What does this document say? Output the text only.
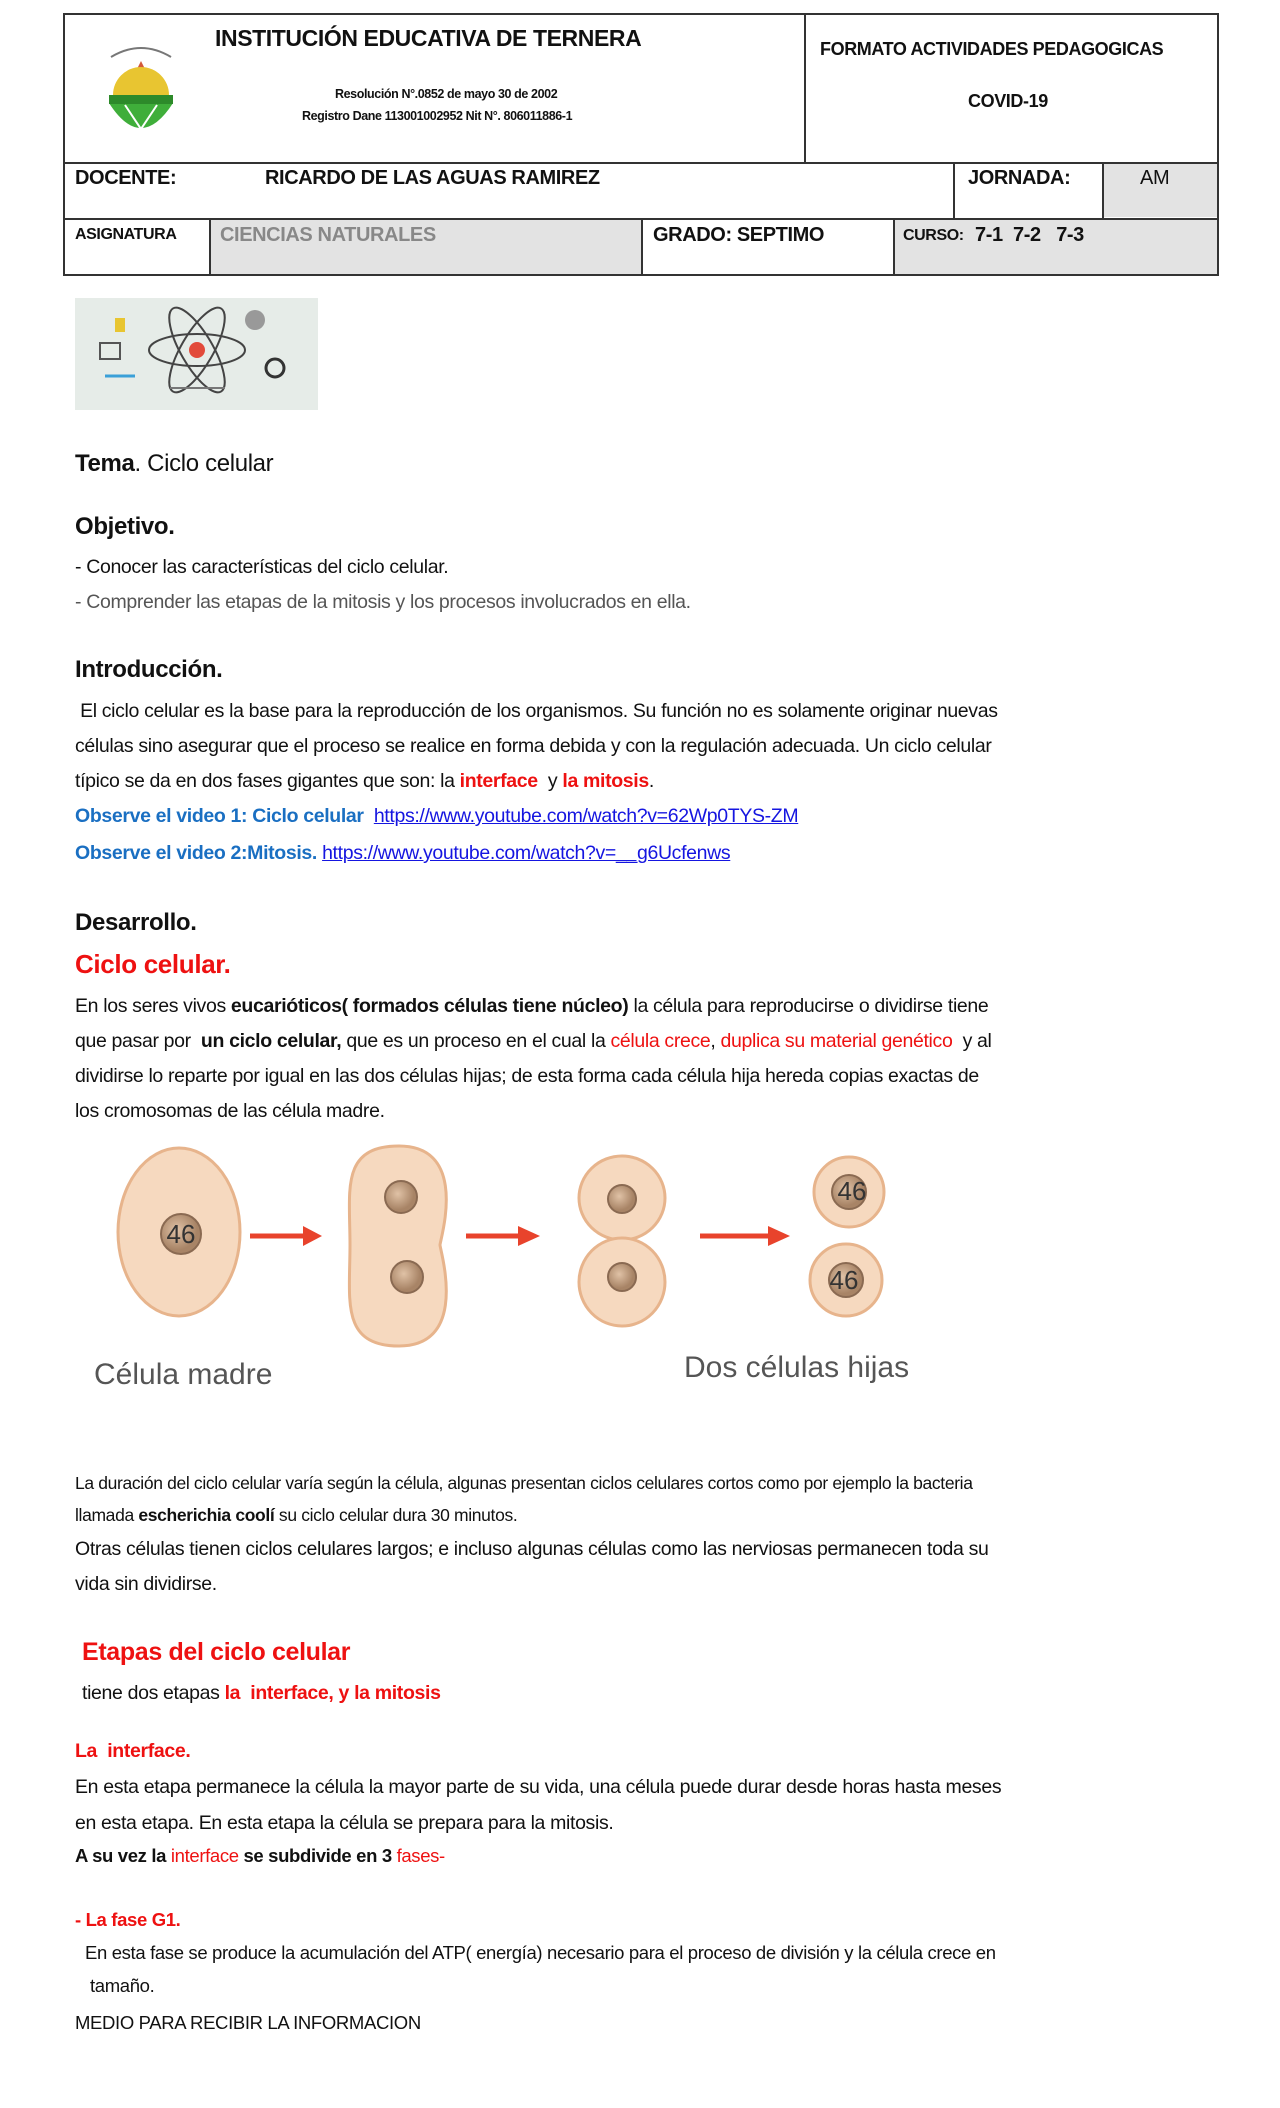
INSTITUCIÓN EDUCATIVA DE TERNERA
Resolución N°.0852 de mayo 30 de 2002
Registro Dane 113001002952 Nit N°. 806011886-1
FORMATO ACTIVIDADES PEDAGOGICAS
COVID-19
DOCENTE:	RICARDO DE LAS AGUAS RAMIREZ	JORNADA:	AM
ASIGNATURA CIENCIAS NATURALES	GRADO: SEPTIMO	CURSO: 7-1  7-2   7-3
Tema. Ciclo celular
Objetivo.
- Conocer las características del ciclo celular.
- Comprender las etapas de la mitosis y los procesos involucrados en ella.
Introducción.
El ciclo celular es la base para la reproducción de los organismos. Su función no es solamente originar nuevas
células sino asegurar que el proceso se realice en forma debida y con la regulación adecuada. Un ciclo celular
típico se da en dos fases gigantes que son: la interface  y la mitosis.
Observe el video 1: Ciclo celular https://www.youtube.com/watch?v=62Wp0TYS-ZM
Observe el video 2:Mitosis. https://www.youtube.com/watch?v=__g6Ucfenws
Desarrollo.
Ciclo celular.
En los seres vivos eucarióticos( formados células tiene núcleo) la célula para reproducirse o dividirse tiene
que pasar por  un ciclo celular, que es un proceso en el cual la célula crece, duplica su material genético  y al
dividirse lo reparte por igual en las dos células hijas; de esta forma cada célula hija hereda copias exactas de
los cromosomas de las célula madre.
46
46
46
Célula madre	Dos células hijas
La duración del ciclo celular varía según la célula, algunas presentan ciclos celulares cortos como por ejemplo la bacteria
llamada escherichia coolí su ciclo celular dura 30 minutos.
Otras células tienen ciclos celulares largos; e incluso algunas células como las nerviosas permanecen toda su
vida sin dividirse.
Etapas del ciclo celular
tiene dos etapas la  interface, y la mitosis
La  interface.
En esta etapa permanece la célula la mayor parte de su vida, una célula puede durar desde horas hasta meses
en esta etapa. En esta etapa la célula se prepara para la mitosis.
A su vez la interface se subdivide en 3 fases-
- La fase G1.
En esta fase se produce la acumulación del ATP( energía) necesario para el proceso de división y la célula crece en
tamaño.
MEDIO PARA RECIBIR LA INFORMACION
